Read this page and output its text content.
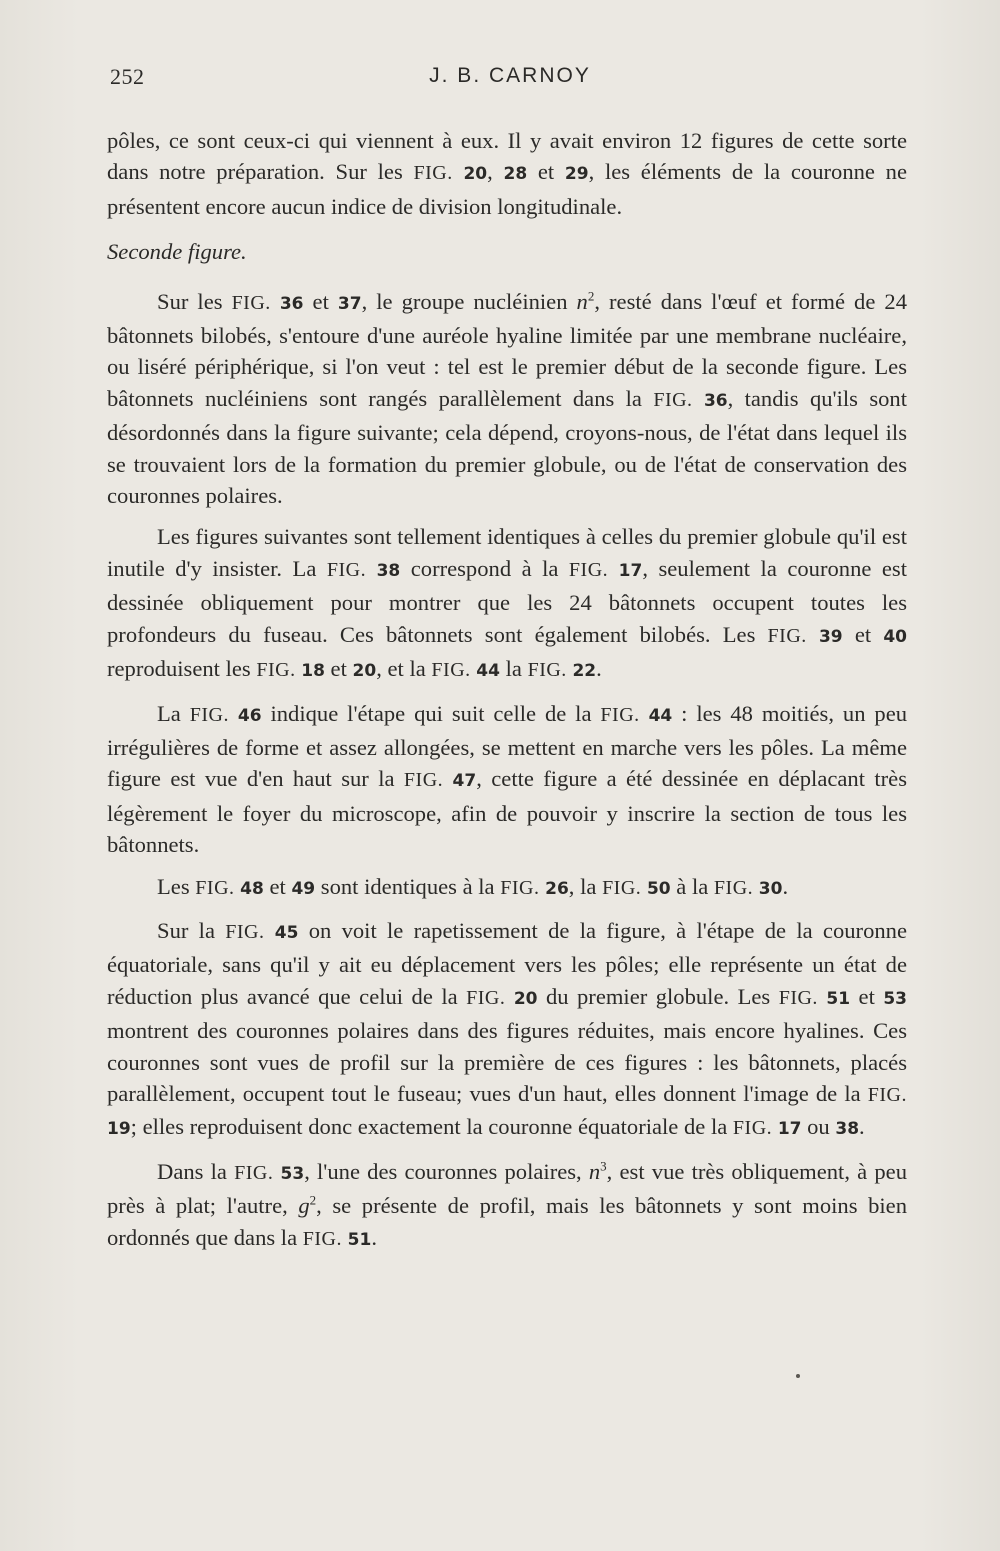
252	J. B. CARNOY

pôles, ce sont ceux-ci qui viennent à eux. Il y avait environ 12 figures de cette sorte dans notre préparation. Sur les FIG. 20, 28 et 29, les éléments de la couronne ne présentent encore aucun indice de division longitudinale.

Seconde figure.

Sur les FIG. 36 et 37, le groupe nucléinien $n^2$, resté dans l'œuf et formé de 24 bâtonnets bilobés, s'entoure d'une auréole hyaline limitée par une membrane nucléaire, ou liséré périphérique, si l'on veut : tel est le premier début de la seconde figure. Les bâtonnets nucléiniens sont rangés parallèlement dans la FIG. 36, tandis qu'ils sont désordonnés dans la figure suivante; cela dépend, croyons-nous, de l'état dans lequel ils se trouvaient lors de la formation du premier globule, ou de l'état de conservation des couronnes polaires.

Les figures suivantes sont tellement identiques à celles du premier globule qu'il est inutile d'y insister. La FIG. 38 correspond à la FIG. 17, seulement la couronne est dessinée obliquement pour montrer que les 24 bâtonnets occupent toutes les profondeurs du fuseau. Ces bâtonnets sont également bilobés. Les FIG. 39 et 40 reproduisent les FIG. 18 et 20, et la FIG. 44 la FIG. 22.

La FIG. 46 indique l'étape qui suit celle de la FIG. 44 : les 48 moitiés, un peu irrégulières de forme et assez allongées, se mettent en marche vers les pôles. La même figure est vue d'en haut sur la FIG. 47, cette figure a été dessinée en déplacant très légèrement le foyer du microscope, afin de pouvoir y inscrire la section de tous les bâtonnets.

Les FIG. 48 et 49 sont identiques à la FIG. 26, la FIG. 50 à la FIG. 30.

Sur la FIG. 45 on voit le rapetissement de la figure, à l'étape de la couronne équatoriale, sans qu'il y ait eu déplacement vers les pôles; elle représente un état de réduction plus avancé que celui de la FIG. 20 du premier globule. Les FIG. 51 et 53 montrent des couronnes polaires dans des figures réduites, mais encore hyalines. Ces couronnes sont vues de profil sur la première de ces figures : les bâtonnets, placés parallèlement, occupent tout le fuseau; vues d'un haut, elles donnent l'image de la FIG. 19; elles reproduisent donc exactement la couronne équatoriale de la FIG. 17 ou 38.

Dans la FIG. 53, l'une des couronnes polaires, $n^3$, est vue très obliquement, à peu près à plat; l'autre, $g^2$, se présente de profil, mais les bâtonnets y sont moins bien ordonnés que dans la FIG. 51.
